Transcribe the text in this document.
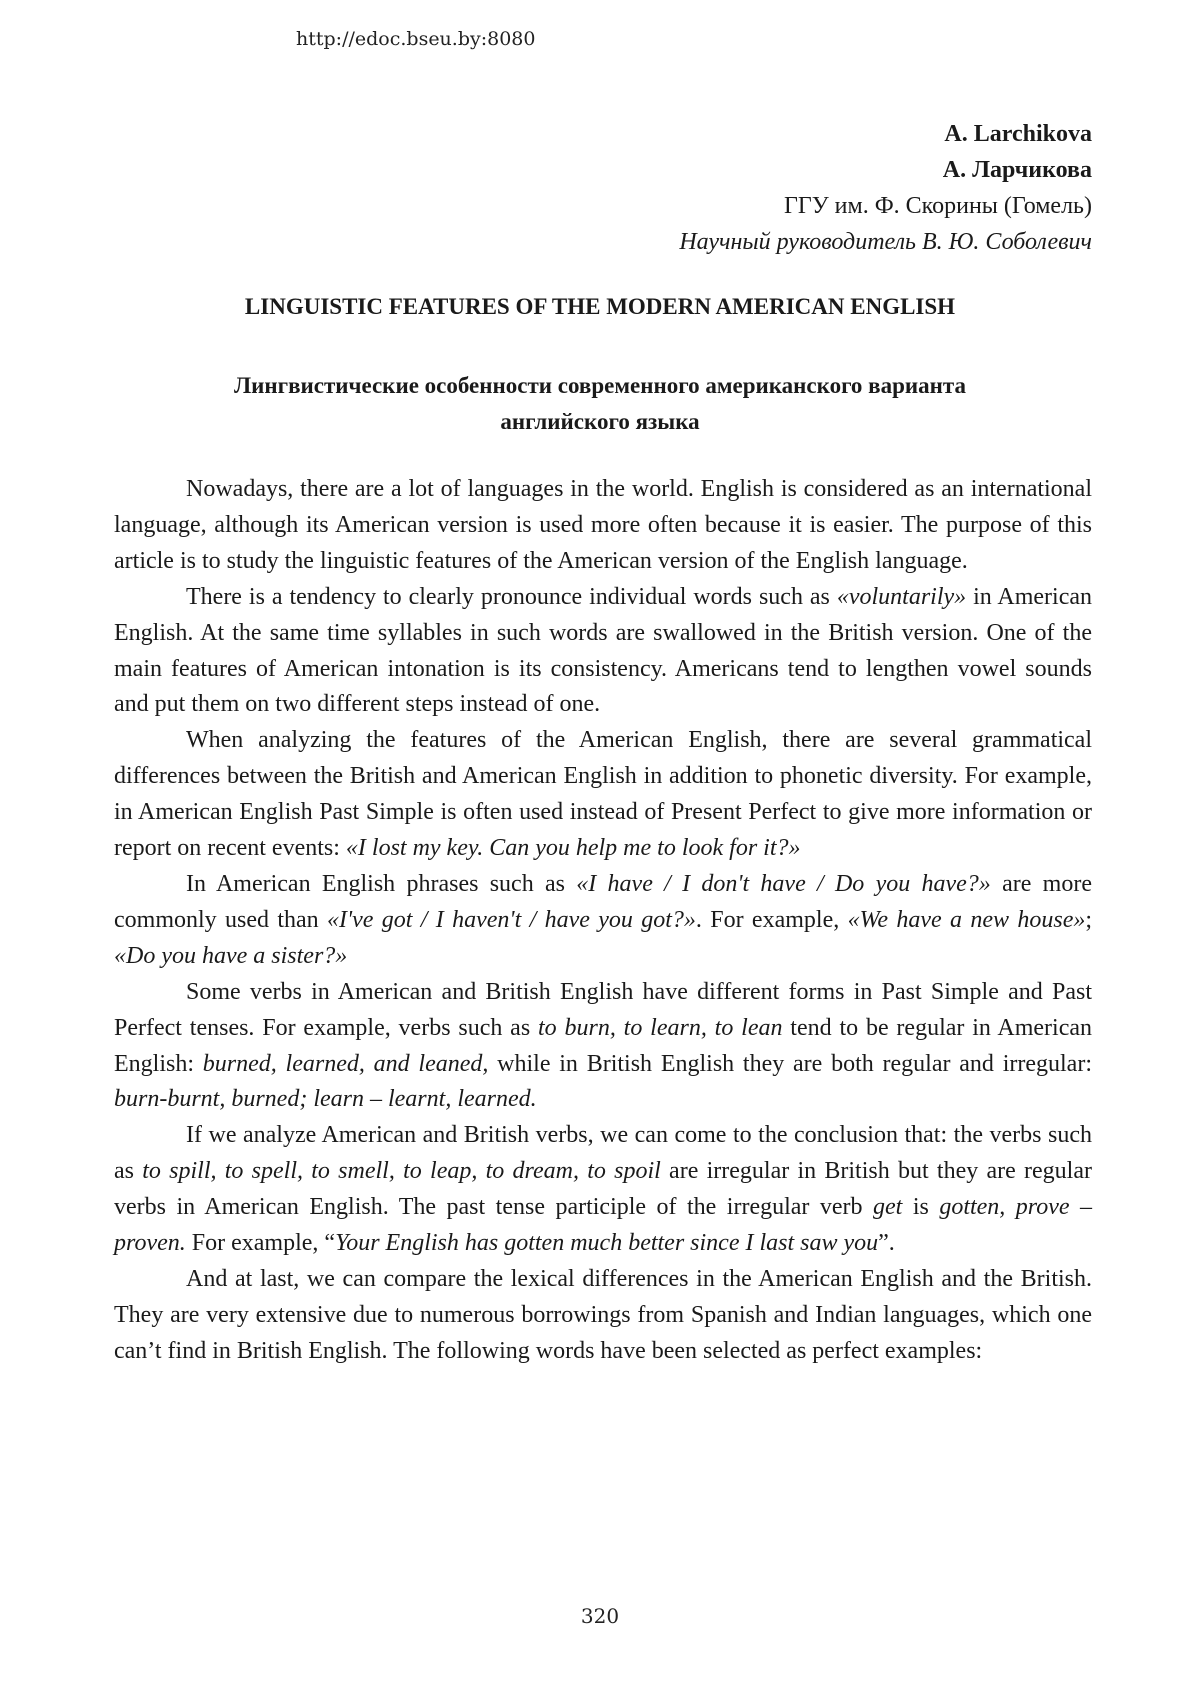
http://edoc.bseu.by:8080
A. Larchikova
А. Ларчикова
ГГУ им. Ф. Скорины (Гомель)
Научный руководитель В. Ю. Соболевич
LINGUISTIC FEATURES OF THE MODERN AMERICAN ENGLISH
Лингвистические особенности современного американского варианта
английского языка

Nowadays, there are a lot of languages in the world. English is considered as an international language, although its American version is used more often because it is easier. The purpose of this article is to study the linguistic features of the American version of the English language.

There is a tendency to clearly pronounce individual words such as «voluntarily» in American English. At the same time syllables in such words are swallowed in the British version. One of the main features of American intonation is its consistency. Americans tend to lengthen vowel sounds and put them on two different steps instead of one.

When analyzing the features of the American English, there are several grammatical differences between the British and American English in addition to phonetic diversity. For example, in American English Past Simple is often used instead of Present Perfect to give more information or report on recent events: «I lost my key. Can you help me to look for it?»

In American English phrases such as «I have / I don't have / Do you have?» are more commonly used than «I've got / I haven't / have you got?». For example, «We have a new house»; «Do you have a sister?»

Some verbs in American and British English have different forms in Past Simple and Past Perfect tenses. For example, verbs such as to burn, to learn, to lean tend to be regular in American English: burned, learned, and leaned, while in British English they are both regular and irregular: burn-burnt, burned; learn – learnt, learned.

If we analyze American and British verbs, we can come to the conclusion that: the verbs such as to spill, to spell, to smell, to leap, to dream, to spoil are irregular in British but they are regular verbs in American English. The past tense participle of the irregular verb get is gotten, prove – proven. For example, “Your English has gotten much better since I last saw you”.

And at last, we can compare the lexical differences in the American English and the British. They are very extensive due to numerous borrowings from Spanish and Indian languages, which one can’t find in British English. The following words have been selected as perfect examples:

320
